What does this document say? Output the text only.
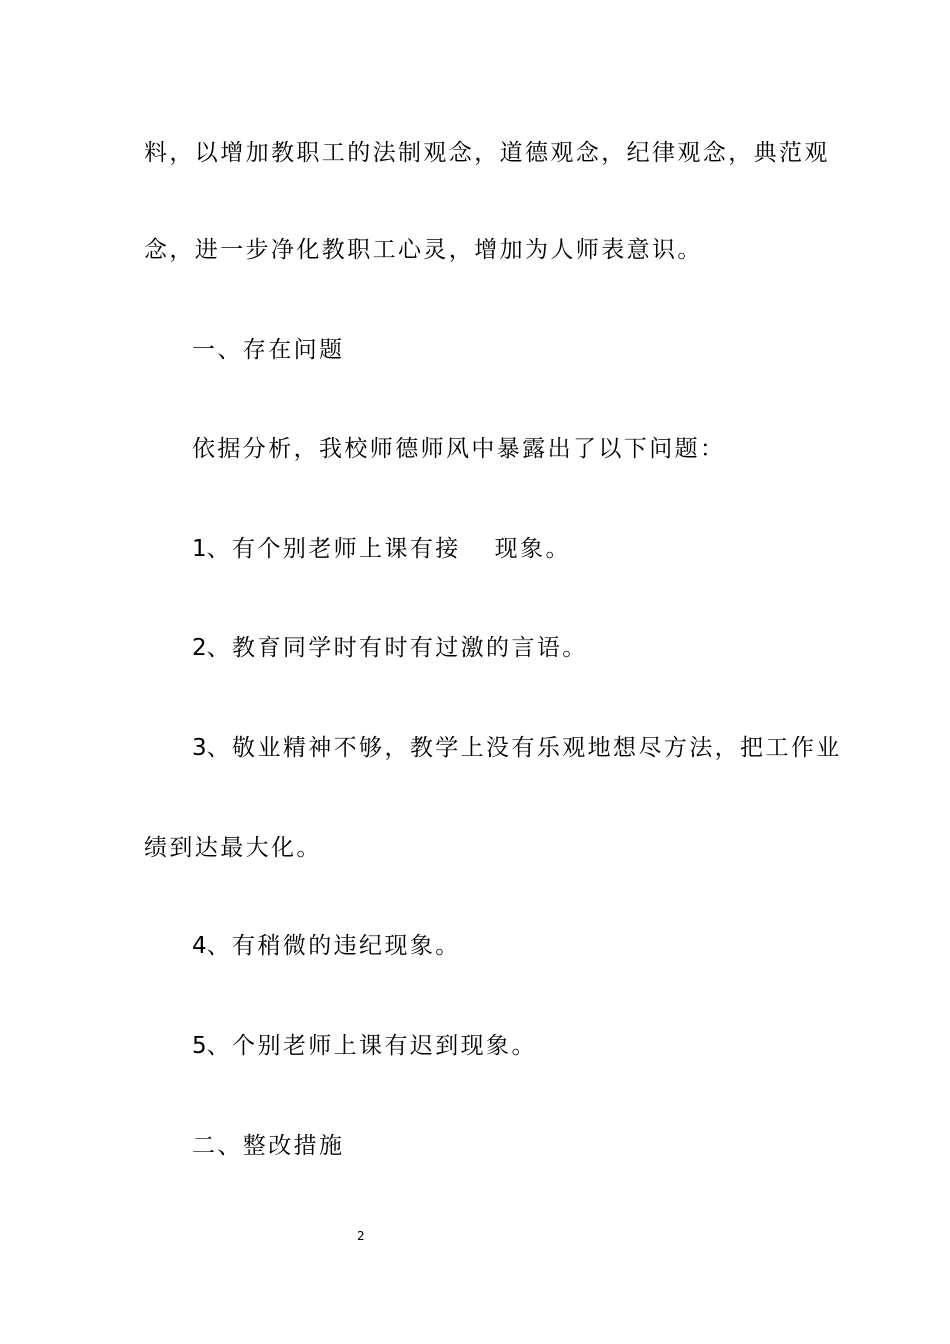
料，以增加教职工的法制观念，道德观念，纪律观念，典范观
念，进一步净化教职工心灵，增加为人师表意识。
一、存在问题
依据分析，我校师德师风中暴露出了以下问题：
1、有个别老师上课有接 现象。
2、教育同学时有时有过激的言语。
3、敬业精神不够，教学上没有乐观地想尽方法，把工作业
绩到达最大化。
4、有稍微的违纪现象。
5、个别老师上课有迟到现象。
二、整改措施
2
